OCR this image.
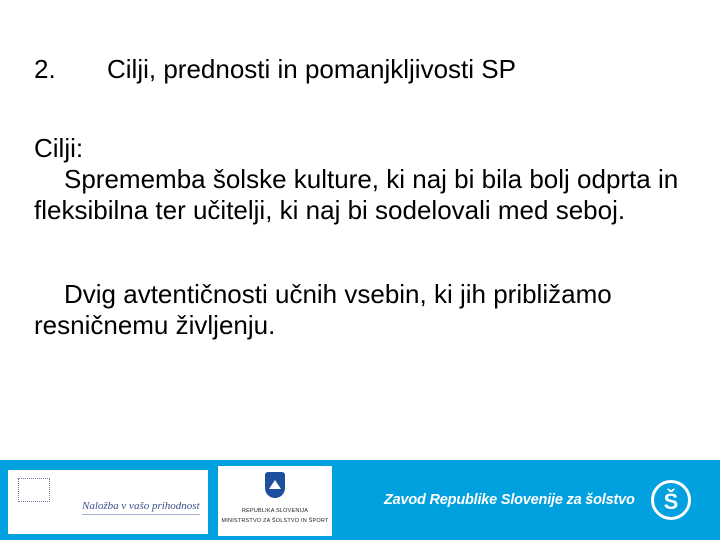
2. Cilji, prednosti in pomanjkljivosti SP

Cilji:

Sprememba šolske kulture, ki naj bi bila bolj odprta in fleksibilna ter učitelji, ki naj bi sodelovali med seboj.

Dvig avtentičnosti učnih vsebin, ki jih približamo resničnemu življenju.

Naložba v vašo prihodnost	REPUBLIKA SLOVENIJA
MINISTRSTVO ZA ŠOLSTVO IN ŠPORT
Zavod Republike Slovenije za šolstvo	Š
